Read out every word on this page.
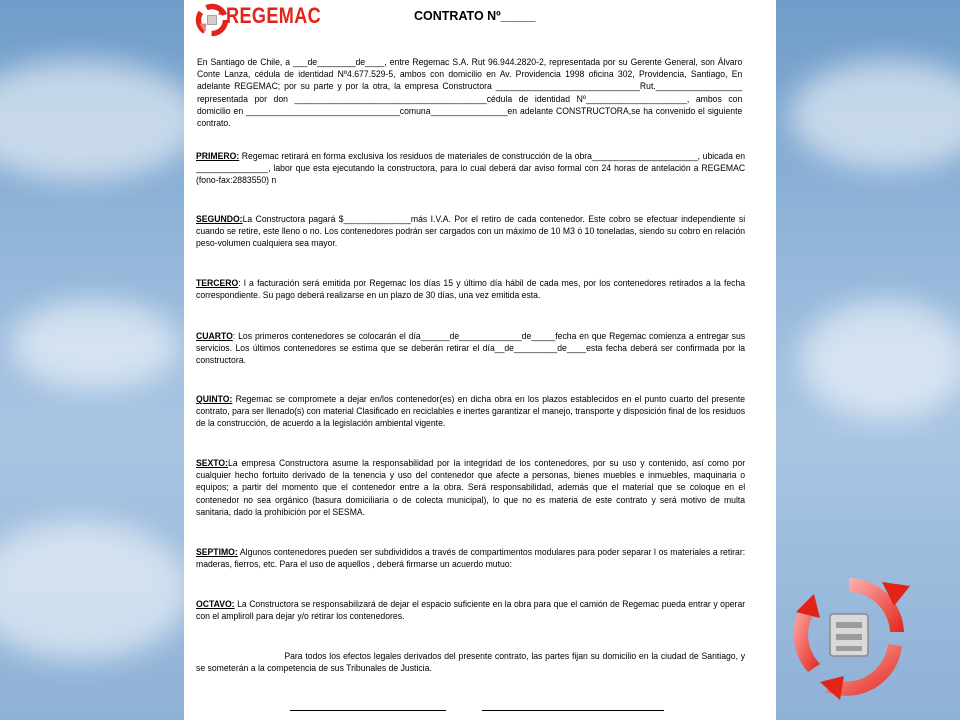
REGEMAC	CONTRATO Nº_____
En Santiago de Chile, a ___de________de____, entre Regemac S.A. Rut 96.944.2820-2, representada por su Gerente General, son Álvaro Conte Lanza, cédula de identidad Nº4.677.529-5, ambos con domicilio en Av. Providencia 1998 oficina 302, Providencia, Santiago, En adelante REGEMAC; por su parte y por la otra, la empresa Constructora ______________________________Rut.__________________ representada por don ________________________________________cédula de identidad Nº_____________________, ambos con domicilio en ________________________________comuna________________en adelante CONSTRUCTORA,se ha convenido el siguiente contrato.
PRIMERO: Regemac retirará en forma exclusiva los residuos de materiales de construcción de la obra______________________, ubicada en _______________, labor que esta ejecutando la constructora, para lo cual deberá dar aviso formal con 24 horas de antelación a REGEMAC (fono-fax:2883550) n
SEGUNDO:La Constructora pagará $______________más I.V.A. Por el retiro de cada contenedor. Este cobro se efectuar independiente si cuando se retire, este lleno o no. Los contenedores podrán ser cargados con un máximo de 10 M3 ó 10 toneladas, siendo su cobro en relación peso-volumen cualquiera sea mayor.
TERCERO: l a facturación será emitida por Regemac los días 15 y último día hábil de cada mes, por los contenedores retirados a la fecha correspondiente. Su pago deberá realizarse en un plazo de 30 días, una vez emitida esta.
CUARTO: Los primeros contenedores se colocarán el día______de_____________de_____fecha en que Regemac comienza a entregar sus servicios. Los últimos contenedores se estima que se deberán retirar el día__de_________de____esta fecha deberá ser confirmada por la constructora.
QUINTO: Regemac se compromete a dejar en/los contenedor(es) en dicha obra en los plazos establecidos en el punto cuarto del presente contrato, para ser llenado(s) con material Clasificado en reciclables e inertes garantizar el manejo, transporte y disposición final de los residuos de la construcción, de acuerdo a la legislación ambiental vigente.
SEXTO:La empresa Constructora asume la responsabilidad por la integridad de los contenedores, por su uso y contenido, así como por cualquier hecho fortuito derivado de la tenencia y uso del contenedor que afecte a personas, bienes muebles e inmuebles, maquinaria o equipos; a partir del momento que el contenedor entre a la obra. Será responsabilidad, además que el material que se coloque en el contenedor no sea orgánico (basura domiciliaria o de colecta municipal), lo que no es materia de este contrato y será motivo de multa sanitaria, dado la prohibición por el SESMA.
SEPTIMO: Algunos contenedores pueden ser subdivididos a través de compartimentos modulares para poder separar l os materiales a retirar: maderas, fierros, etc. Para el uso de aquellos , deberá firmarse un acuerdo mutuo:
OCTAVO: La Constructora se responsabilizará de dejar el espacio suficiente en la obra para que el camión de Regemac pueda entrar y operar con el ampliroll para dejar y/o retirar los contenedores.
Para todos los efectos legales derivados del presente contrato, las partes fijan su domicilio en la ciudad de Santiago, y se someterán a la competencia de sus Tribunales de Justicia.
